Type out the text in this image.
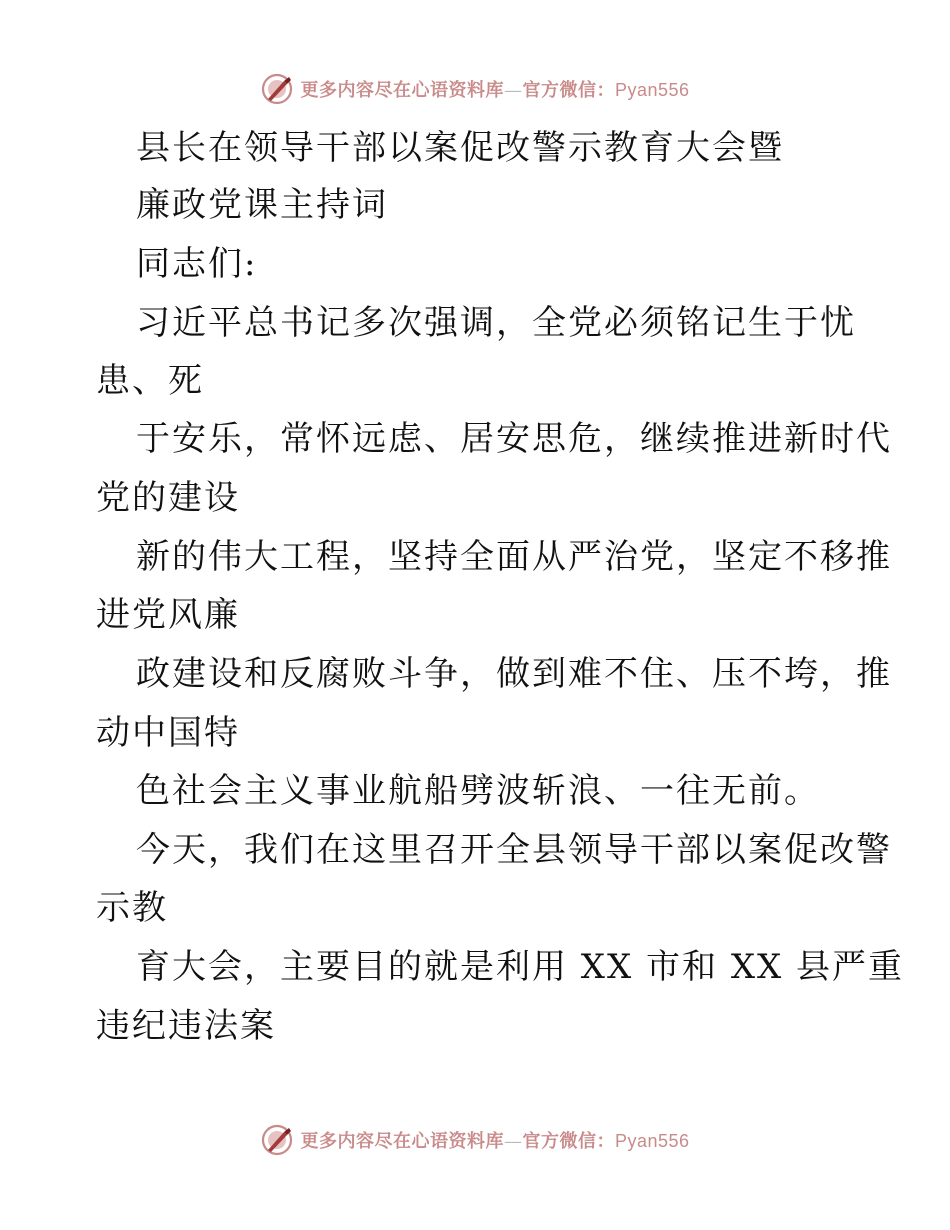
更多内容尽在心语资料库—官方微信：Pyan556
县长在领导干部以案促改警示教育大会暨
廉政党课主持词
同志们:
习近平总书记多次强调，全党必须铭记生于忧
患、死
于安乐，常怀远虑、居安思危，继续推进新时代
党的建设
新的伟大工程，坚持全面从严治党，坚定不移推
进党风廉
政建设和反腐败斗争，做到难不住、压不垮，推
动中国特
色社会主义事业航船劈波斩浪、一往无前。
今天，我们在这里召开全县领导干部以案促改警
示教
育大会，主要目的就是利用 XX 市和 XX 县严重
违纪违法案
更多内容尽在心语资料库—官方微信：Pyan556
